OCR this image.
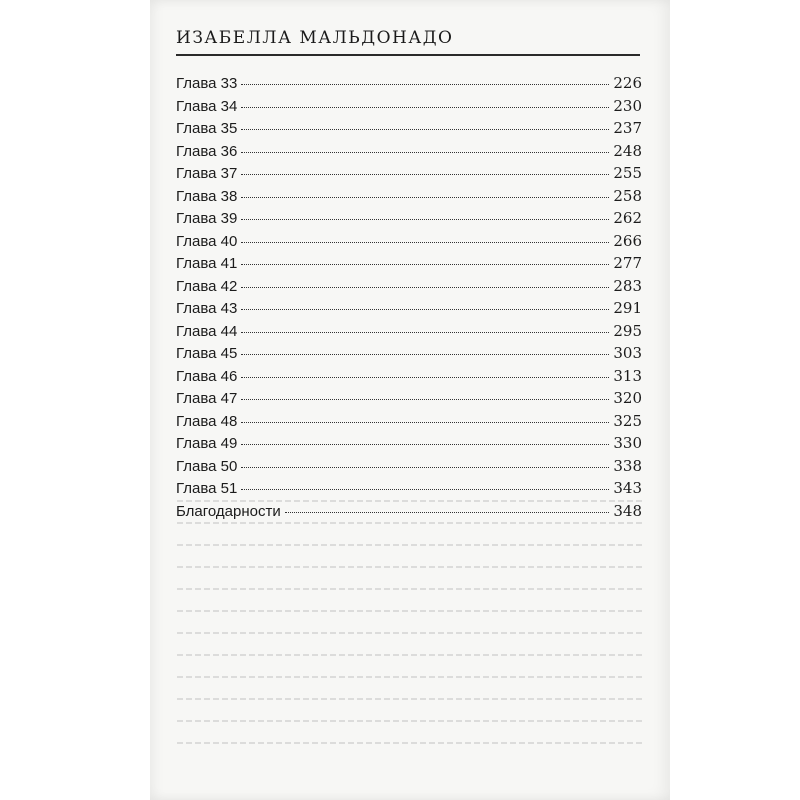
ИЗАБЕЛЛА МАЛЬДОНАДО
Глава 33	226
Глава 34	230
Глава 35	237
Глава 36	248
Глава 37	255
Глава 38	258
Глава 39	262
Глава 40	266
Глава 41	277
Глава 42	283
Глава 43	291
Глава 44	295
Глава 45	303
Глава 46	313
Глава 47	320
Глава 48	325
Глава 49	330
Глава 50	338
Глава 51	343
Благодарности	348
